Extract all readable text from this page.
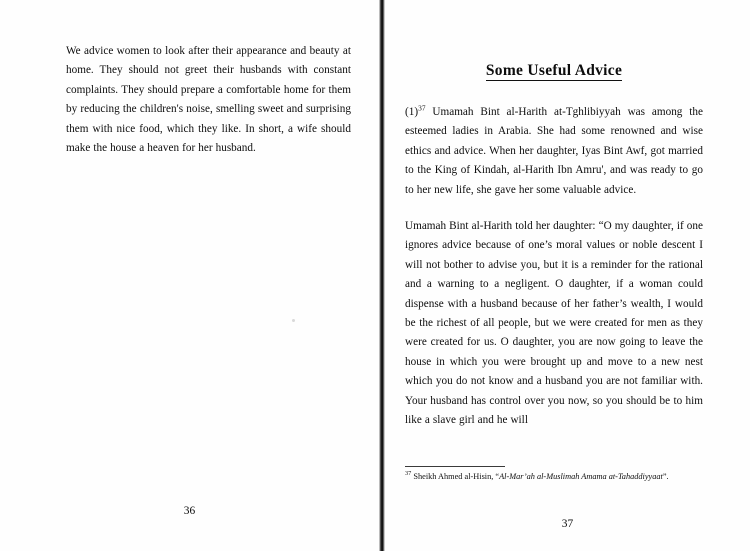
We advice women to look after their appearance and beauty at home. They should not greet their husbands with constant complaints. They should prepare a comfortable home for them by reducing the children's noise, smelling sweet and surprising them with nice food, which they like. In short, a wife should make the house a heaven for her husband.

36
Some Useful Advice

(1)$^{37}$ Umamah Bint al-Harith at-Tghlibiyyah was among the esteemed ladies in Arabia. She had some renowned and wise ethics and advice. When her daughter, Iyas Bint Awf, got married to the King of Kindah, al-Harith Ibn Amru', and was ready to go to her new life, she gave her some valuable advice.

Umamah Bint al-Harith told her daughter: “O my daughter, if one ignores advice because of one’s moral values or noble descent I will not bother to advise you, but it is a reminder for the rational and a warning to a negligent. O daughter, if a woman could dispense with a husband because of her father’s wealth, I would be the richest of all people, but we were created for men as they were created for us. O daughter, you are now going to leave the house in which you were brought up and move to a new nest which you do not know and a husband you are not familiar with. Your husband has control over you now, so you should be to him like a slave girl and he will

$^{37}$ Sheikh Ahmed al-Hisin, “Al-Mar’ah al-Muslimah Amama at-Tahaddiyyaat”.

37
